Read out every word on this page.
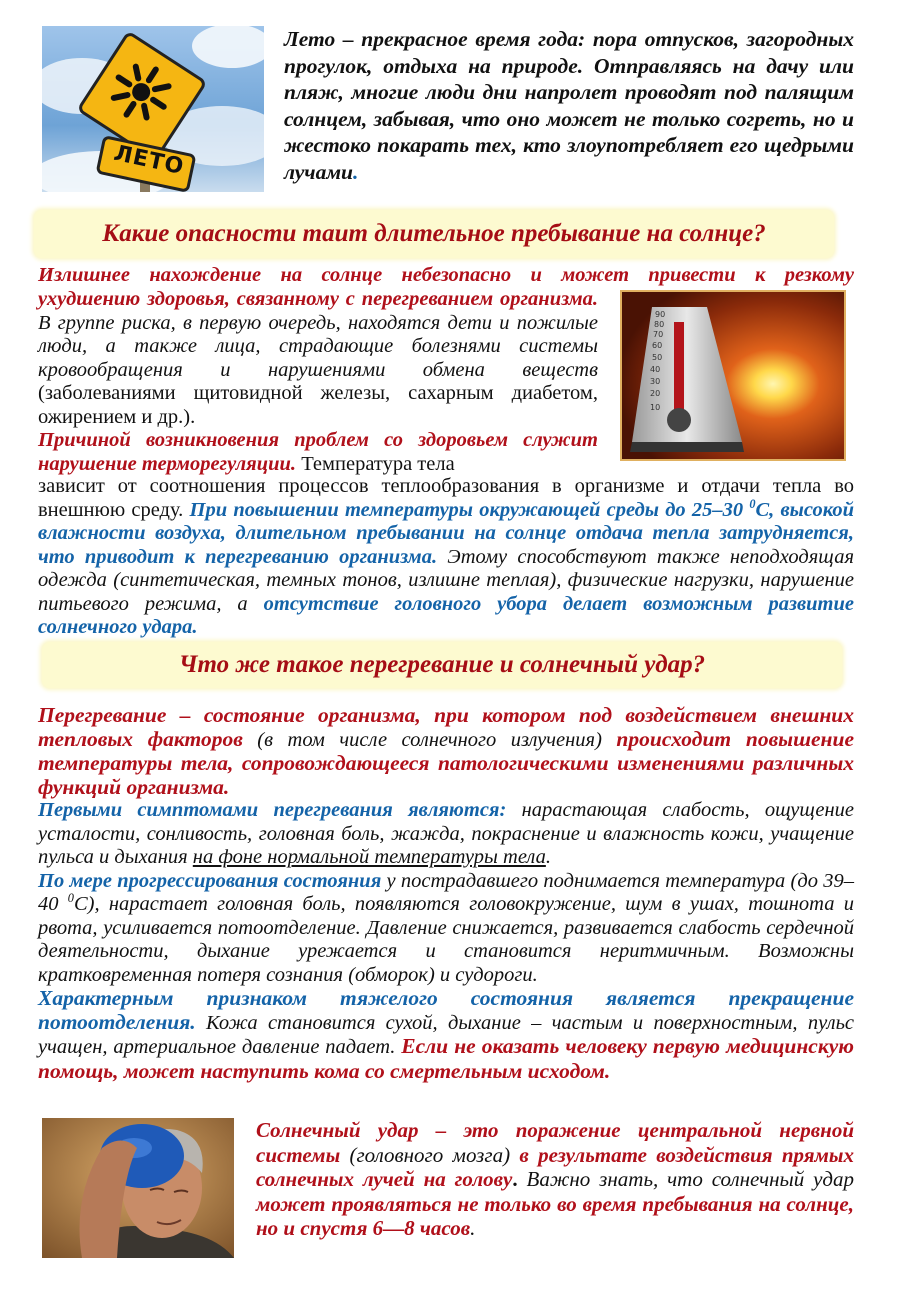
ЛЕТО

Лето – прекрасное время года: пора отпусков, загородных прогулок, отдыха на природе. Отправляясь на дачу или пляж, многие люди дни напролет проводят под палящим солнцем, забывая, что оно может не только согреть, но и жестоко покарать тех, кто злоупотребляет его щедрыми лучами.

Какие опасности таит длительное пребывание на солнце?
Излишнее нахождение на солнце небезопасно и может привести к резкому

ухудшению здоровья, связанному с перегреванием организма. В группе риска, в первую очередь, находятся дети и пожилые люди, а также лица, страдающие болезнями системы кровообращения и нарушениями обмена веществ (заболеваниями щитовидной железы, сахарным диабетом, ожирением и др.).

Причиной возникновения проблем со здоровьем служит нарушение терморегуляции. Температура тела

10
20
30
40
50
60
70
80
90

зависит от соотношения процессов теплообразования в организме и отдачи тепла во внешнюю среду. При повышении температуры окружающей среды до 25–30 $^0$С, высокой влажности воздуха, длительном пребывании на солнце отдача тепла затрудняется, что приводит к перегреванию организма. Этому способствуют также неподходящая одежда (синтетическая, темных тонов, излишне теплая), физические нагрузки, нарушение питьевого режима, а отсутствие головного убора делает возможным развитие солнечного удара.

Что же такое перегревание и солнечный удар?

Перегревание – состояние организма, при котором под воздействием внешних тепловых факторов (в том числе солнечного излучения) происходит повышение температуры тела, сопровождающееся патологическими изменениями различных функций организма.

Первыми симптомами перегревания являются: нарастающая слабость, ощущение усталости, сонливость, головная боль, жажда, покраснение и влажность кожи, учащение пульса и дыхания на фоне нормальной температуры тела.

По мере прогрессирования состояния у пострадавшего поднимается температура (до 39–40 $^0$С), нарастает головная боль, появляются головокружение, шум в ушах, тошнота и рвота, усиливается потоотделение. Давление снижается, развивается слабость сердечной деятельности, дыхание урежается и становится неритмичным. Возможны кратковременная потеря сознания (обморок) и судороги.

Характерным признаком тяжелого состояния является прекращение потоотделения. Кожа становится сухой, дыхание – частым и поверхностным, пульс учащен, артериальное давление падает. Если не оказать человеку первую медицинскую помощь, может наступить кома со смертельным исходом.

Солнечный удар – это поражение центральной нервной системы (головного мозга) в результате воздействия прямых солнечных лучей на голову. Важно знать, что солнечный удар может проявляться не только во время пребывания на солнце, но и спустя 6—8 часов.
